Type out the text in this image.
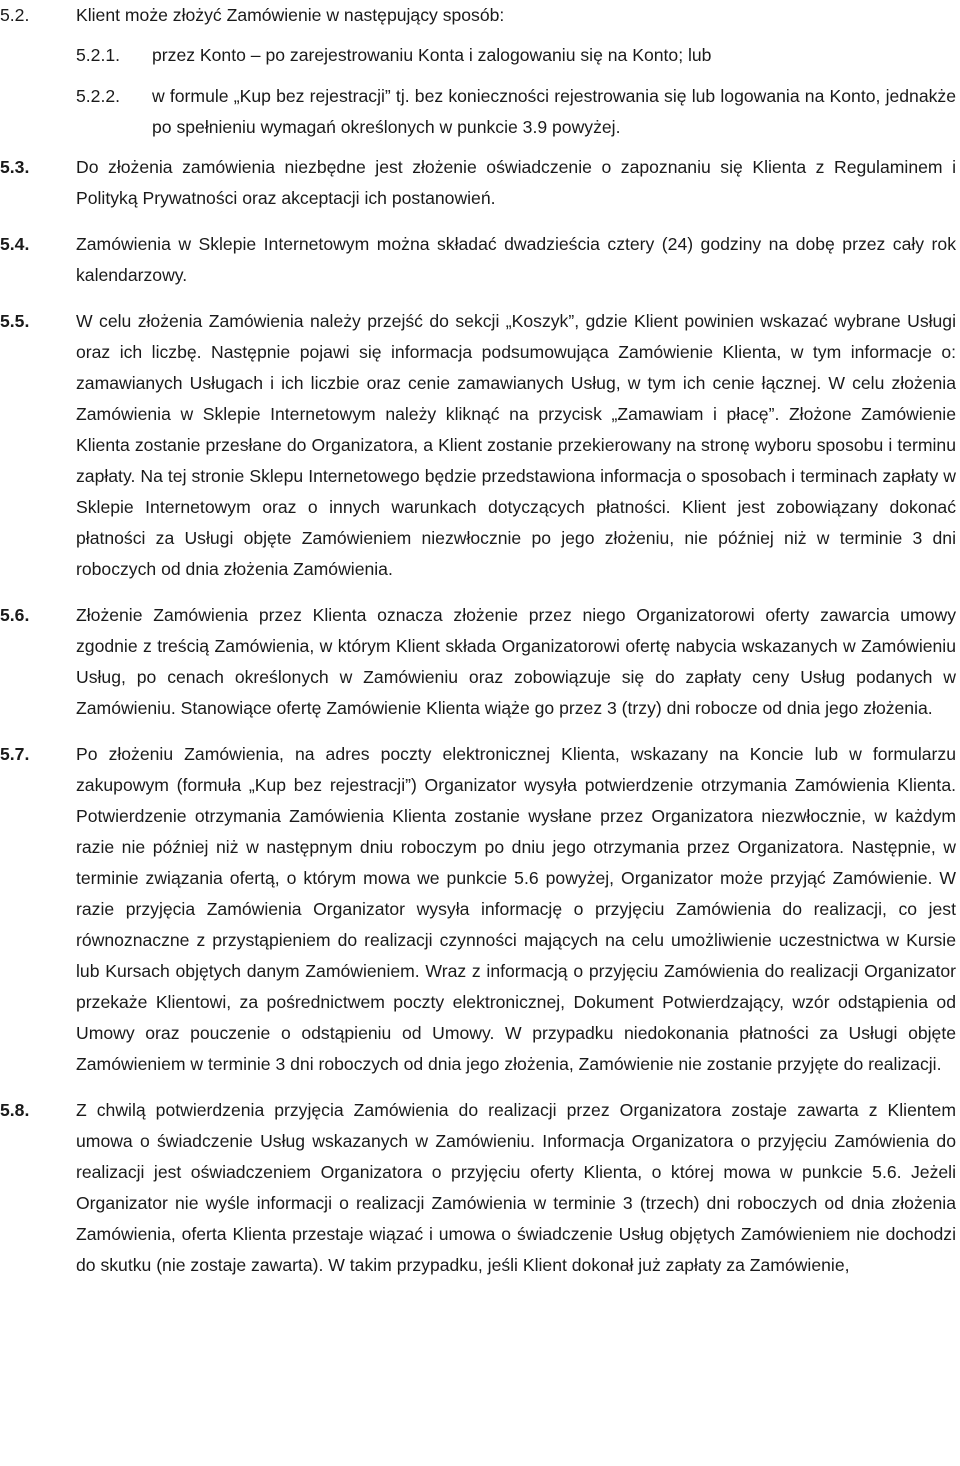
5.2.	Klient może złożyć Zamówienie w następujący sposób:
5.2.1. przez Konto – po zarejestrowaniu Konta i zalogowaniu się na Konto; lub
5.2.2. w formule „Kup bez rejestracji” tj. bez konieczności rejestrowania się lub logowania na Konto, jednakże po spełnieniu wymagań określonych w punkcie 3.9 powyżej.
5.3.	Do złożenia zamówienia niezbędne jest złożenie oświadczenie o zapoznaniu się Klienta z Regulaminem i Polityką Prywatności oraz akceptacji ich postanowień.
5.4.	Zamówienia w Sklepie Internetowym można składać dwadzieścia cztery (24) godziny na dobę przez cały rok kalendarzowy.
5.5.	W celu złożenia Zamówienia należy przejść do sekcji „Koszyk”, gdzie Klient powinien wskazać wybrane Usługi oraz ich liczbę. Następnie pojawi się informacja podsumowująca Zamówienie Klienta, w tym informacje o: zamawianych Usługach i ich liczbie oraz cenie zamawianych Usług, w tym ich cenie łącznej. W celu złożenia Zamówienia w Sklepie Internetowym należy kliknąć na przycisk „Zamawiam i płacę”. Złożone Zamówienie Klienta zostanie przesłane do Organizatora, a Klient zostanie przekierowany na stronę wyboru sposobu i terminu zapłaty. Na tej stronie Sklepu Internetowego będzie przedstawiona informacja o sposobach i terminach zapłaty w Sklepie Internetowym oraz o innych warunkach dotyczących płatności. Klient jest zobowiązany dokonać płatności za Usługi objęte Zamówieniem niezwłocznie po jego złożeniu, nie później niż w terminie 3 dni roboczych od dnia złożenia Zamówienia.
5.6.	Złożenie Zamówienia przez Klienta oznacza złożenie przez niego Organizatorowi oferty zawarcia umowy zgodnie z treścią Zamówienia, w którym Klient składa Organizatorowi ofertę nabycia wskazanych w Zamówieniu Usług, po cenach określonych w Zamówieniu oraz zobowiązuje się do zapłaty ceny Usług podanych w Zamówieniu. Stanowiące ofertę Zamówienie Klienta wiąże go przez 3 (trzy) dni robocze od dnia jego złożenia.
5.7.	Po złożeniu Zamówienia, na adres poczty elektronicznej Klienta, wskazany na Koncie lub w formularzu zakupowym (formuła „Kup bez rejestracji”) Organizator wysyła potwierdzenie otrzymania Zamówienia Klienta. Potwierdzenie otrzymania Zamówienia Klienta zostanie wysłane przez Organizatora niezwłocznie, w każdym razie nie później niż w następnym dniu roboczym po dniu jego otrzymania przez Organizatora. Następnie, w terminie związania ofertą, o którym mowa we punkcie 5.6 powyżej, Organizator może przyjąć Zamówienie. W razie przyjęcia Zamówienia Organizator wysyła informację o przyjęciu Zamówienia do realizacji, co jest równoznaczne z przystąpieniem do realizacji czynności mających na celu umożliwienie uczestnictwa w Kursie lub Kursach objętych danym Zamówieniem. Wraz z informacją o przyjęciu Zamówienia do realizacji Organizator przekaże Klientowi, za pośrednictwem poczty elektronicznej, Dokument Potwierdzający, wzór odstąpienia od Umowy oraz pouczenie o odstąpieniu od Umowy. W przypadku niedokonania płatności za Usługi objęte Zamówieniem w terminie 3 dni roboczych od dnia jego złożenia, Zamówienie nie zostanie przyjęte do realizacji.
5.8.	Z chwilą potwierdzenia przyjęcia Zamówienia do realizacji przez Organizatora zostaje zawarta z Klientem umowa o świadczenie Usług wskazanych w Zamówieniu. Informacja Organizatora o przyjęciu Zamówienia do realizacji jest oświadczeniem Organizatora o przyjęciu oferty Klienta, o której mowa w punkcie 5.6. Jeżeli Organizator nie wyśle informacji o realizacji Zamówienia w terminie 3 (trzech) dni roboczych od dnia złożenia Zamówienia, oferta Klienta przestaje wiązać i umowa o świadczenie Usług objętych Zamówieniem nie dochodzi do skutku (nie zostaje zawarta). W takim przypadku, jeśli Klient dokonał już zapłaty za Zamówienie,
